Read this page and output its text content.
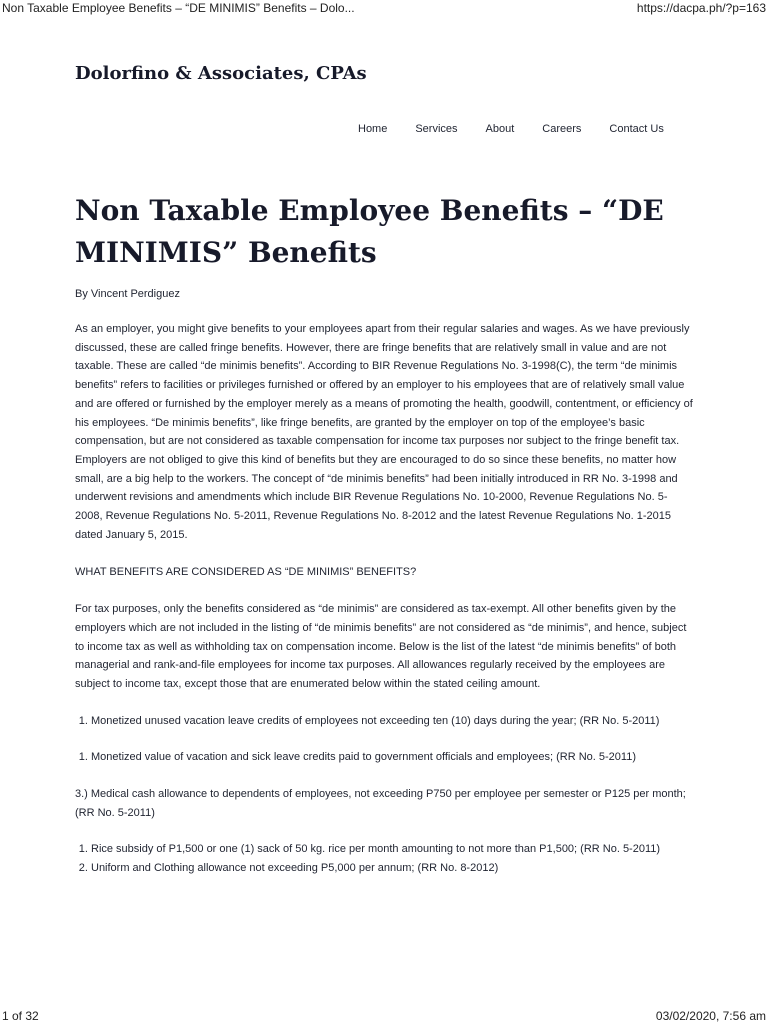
Non Taxable Employee Benefits – “DE MINIMIS” Benefits – Dolo...	https://dacpa.ph/?p=163
Dolorfino & Associates, CPAs
Home	Services	About	Careers	Contact Us
Non Taxable Employee Benefits – “DE MINIMIS” Benefits
By Vincent Perdiguez

As an employer, you might give benefits to your employees apart from their regular salaries and wages. As we have previously discussed, these are called fringe benefits. However, there are fringe benefits that are relatively small in value and are not taxable. These are called “de minimis benefits”. According to BIR Revenue Regulations No. 3-1998(C), the term “de minimis benefits” refers to facilities or privileges furnished or offered by an employer to his employees that are of relatively small value and are offered or furnished by the employer merely as a means of promoting the health, goodwill, contentment, or efficiency of his employees. “De minimis benefits”, like fringe benefits, are granted by the employer on top of the employee’s basic compensation, but are not considered as taxable compensation for income tax purposes nor subject to the fringe benefit tax. Employers are not obliged to give this kind of benefits but they are encouraged to do so since these benefits, no matter how small, are a big help to the workers. The concept of “de minimis benefits” had been initially introduced in RR No. 3-1998 and underwent revisions and amendments which include BIR Revenue Regulations No. 10-2000, Revenue Regulations No. 5-2008, Revenue Regulations No. 5-2011, Revenue Regulations No. 8-2012 and the latest Revenue Regulations No. 1-2015 dated January 5, 2015.

WHAT BENEFITS ARE CONSIDERED AS “DE MINIMIS” BENEFITS?

For tax purposes, only the benefits considered as “de minimis” are considered as tax-exempt. All other benefits given by the employers which are not included in the listing of “de minimis benefits” are not considered as “de minimis”, and hence, subject to income tax as well as withholding tax on compensation income. Below is the list of the latest “de minimis benefits” of both managerial and rank-and-file employees for income tax purposes. All allowances regularly received by the employees are subject to income tax, except those that are enumerated below within the stated ceiling amount.

1. Monetized unused vacation leave credits of employees not exceeding ten (10) days during the year; (RR No. 5-2011)
1. Monetized value of vacation and sick leave credits paid to government officials and employees; (RR No. 5-2011)

3.) Medical cash allowance to dependents of employees, not exceeding P750 per employee per semester or P125 per month; (RR No. 5-2011)

1. Rice subsidy of P1,500 or one (1) sack of 50 kg. rice per month amounting to not more than P1,500; (RR No. 5-2011)
2. Uniform and Clothing allowance not exceeding P5,000 per annum; (RR No. 8-2012)
1 of 32	03/02/2020, 7:56 am
